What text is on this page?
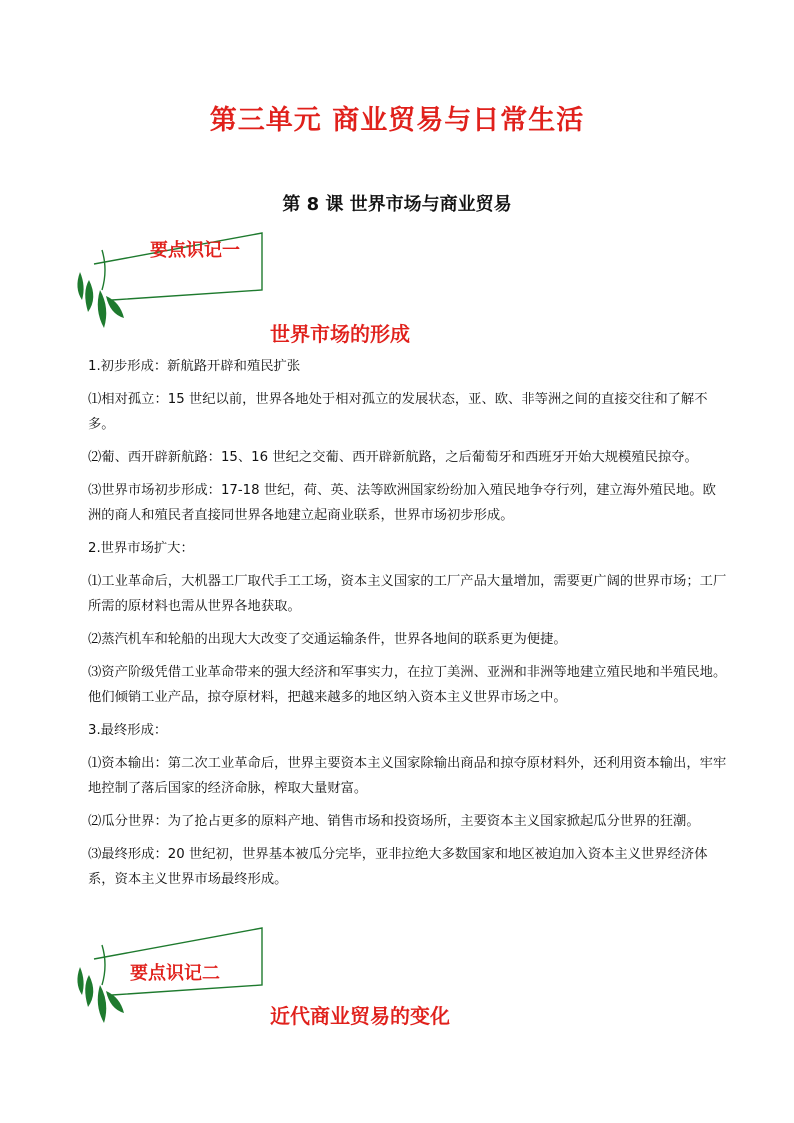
第三单元 商业贸易与日常生活
第 8 课 世界市场与商业贸易
要点识记一
世界市场的形成

1.初步形成：新航路开辟和殖民扩张

⑴相对孤立：15 世纪以前，世界各地处于相对孤立的发展状态，亚、欧、非等洲之间的直接交往和了解不多。

⑵葡、西开辟新航路：15、16 世纪之交葡、西开辟新航路，之后葡萄牙和西班牙开始大规模殖民掠夺。

⑶世界市场初步形成：17-18 世纪，荷、英、法等欧洲国家纷纷加入殖民地争夺行列，建立海外殖民地。欧洲的商人和殖民者直接同世界各地建立起商业联系，世界市场初步形成。

2.世界市场扩大：

⑴工业革命后，大机器工厂取代手工工场，资本主义国家的工厂产品大量增加，需要更广阔的世界市场；工厂所需的原材料也需从世界各地获取。

⑵蒸汽机车和轮船的出现大大改变了交通运输条件，世界各地间的联系更为便捷。

⑶资产阶级凭借工业革命带来的强大经济和军事实力，在拉丁美洲、亚洲和非洲等地建立殖民地和半殖民地。他们倾销工业产品，掠夺原材料，把越来越多的地区纳入资本主义世界市场之中。

3.最终形成：

⑴资本输出：第二次工业革命后，世界主要资本主义国家除输出商品和掠夺原材料外，还利用资本输出，牢牢地控制了落后国家的经济命脉，榨取大量财富。

⑵瓜分世界：为了抢占更多的原料产地、销售市场和投资场所，主要资本主义国家掀起瓜分世界的狂潮。

⑶最终形成：20 世纪初，世界基本被瓜分完毕，亚非拉绝大多数国家和地区被迫加入资本主义世界经济体系，资本主义世界市场最终形成。

要点识记二
近代商业贸易的变化
